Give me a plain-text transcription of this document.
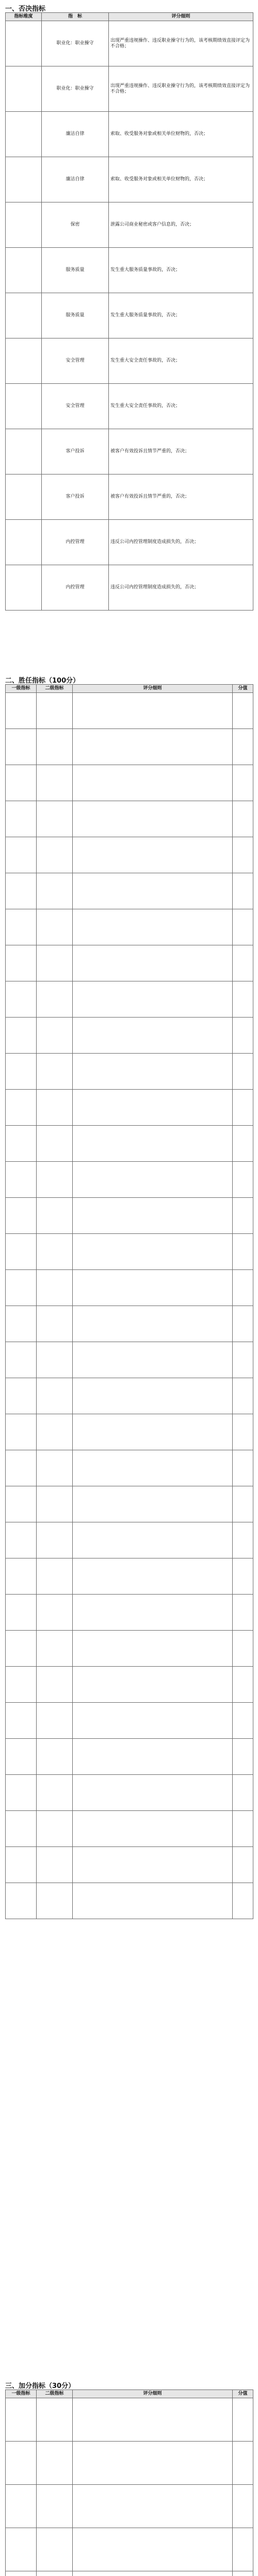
一、否决指标
指标维度	指　标	评分细则
	职业化：职业操守	出现严重违规操作、违反职业操守行为的，该考核期绩效直接评定为不合格；
	职业化：职业操守	出现严重违规操作、违反职业操守行为的，该考核期绩效直接评定为不合格；
	廉洁自律	索取、收受服务对象或相关单位财物的，否决；
	廉洁自律	索取、收受服务对象或相关单位财物的，否决；
	保密	泄露公司商业秘密或客户信息的，否决；
	服务质量	发生重大服务质量事故的，否决；
	服务质量	发生重大服务质量事故的，否决；
	安全管理	发生重大安全责任事故的，否决；
	安全管理	发生重大安全责任事故的，否决；
	客户投诉	被客户有效投诉且情节严重的，否决；
	客户投诉	被客户有效投诉且情节严重的，否决；
	内控管理	违反公司内控管理制度造成损失的，否决；
	内控管理	违反公司内控管理制度造成损失的，否决；
二、胜任指标（100分）
一级指标	二级指标	评分细则	分值

三、加分指标（30分）
一级指标	二级指标	评分细则	分值
